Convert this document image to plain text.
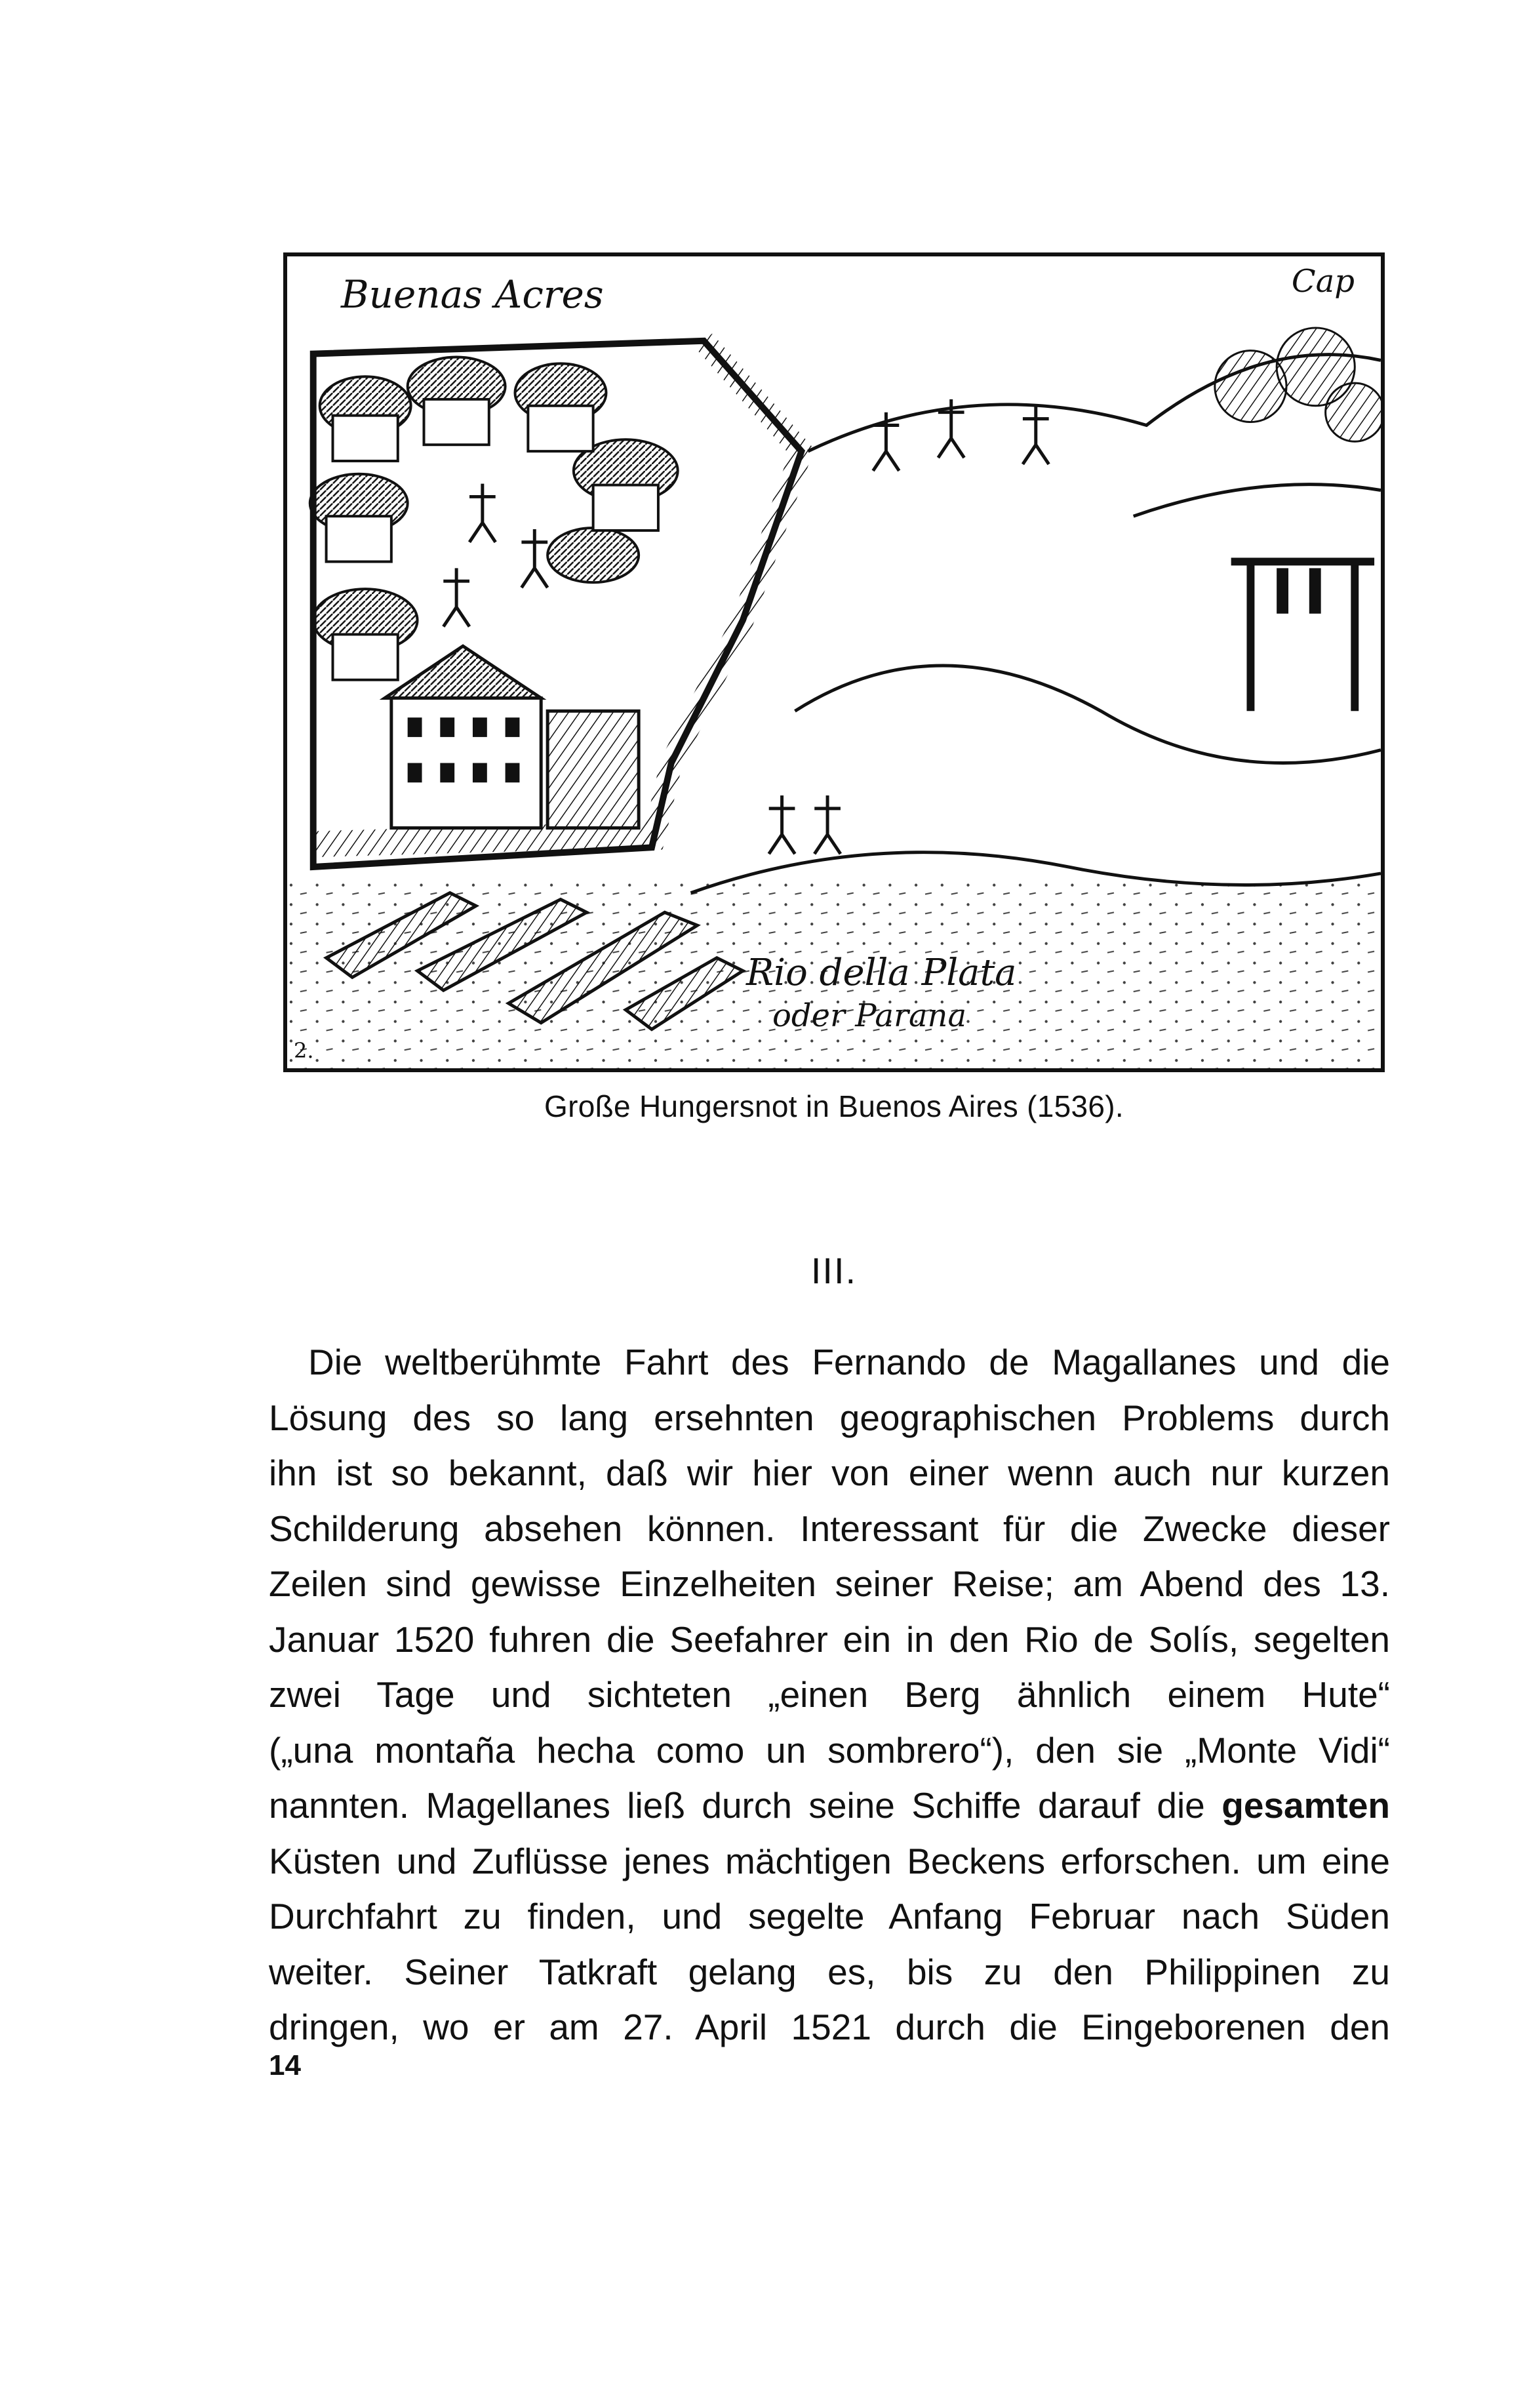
Buenas Acres	Cap
Rio della Plata
oder Parana
2.
Große Hungersnot in Buenos Aires (1536).
III.
Die weltberühmte Fahrt des Fernando de Magallanes und die
Lösung des so lang ersehnten geographischen Problems durch
ihn ist so bekannt, daß wir hier von einer wenn auch nur kurzen
Schilderung absehen können. Interessant für die Zwecke dieser
Zeilen sind gewisse Einzelheiten seiner Reise; am Abend des 13.
Januar 1520 fuhren die Seefahrer ein in den Rio de Solís, segelten
zwei Tage und sichteten „einen Berg ähnlich einem Hute“
(„una montaña hecha como un sombrero“), den sie „Monte Vidi“
nannten. Magellanes ließ durch seine Schiffe darauf die gesamten
Küsten und Zuflüsse jenes mächtigen Beckens erforschen. um eine
Durchfahrt zu finden, und segelte Anfang Februar nach Süden
weiter. Seiner Tatkraft gelang es, bis zu den Philippinen zu
dringen, wo er am 27. April 1521 durch die Eingeborenen den
14
